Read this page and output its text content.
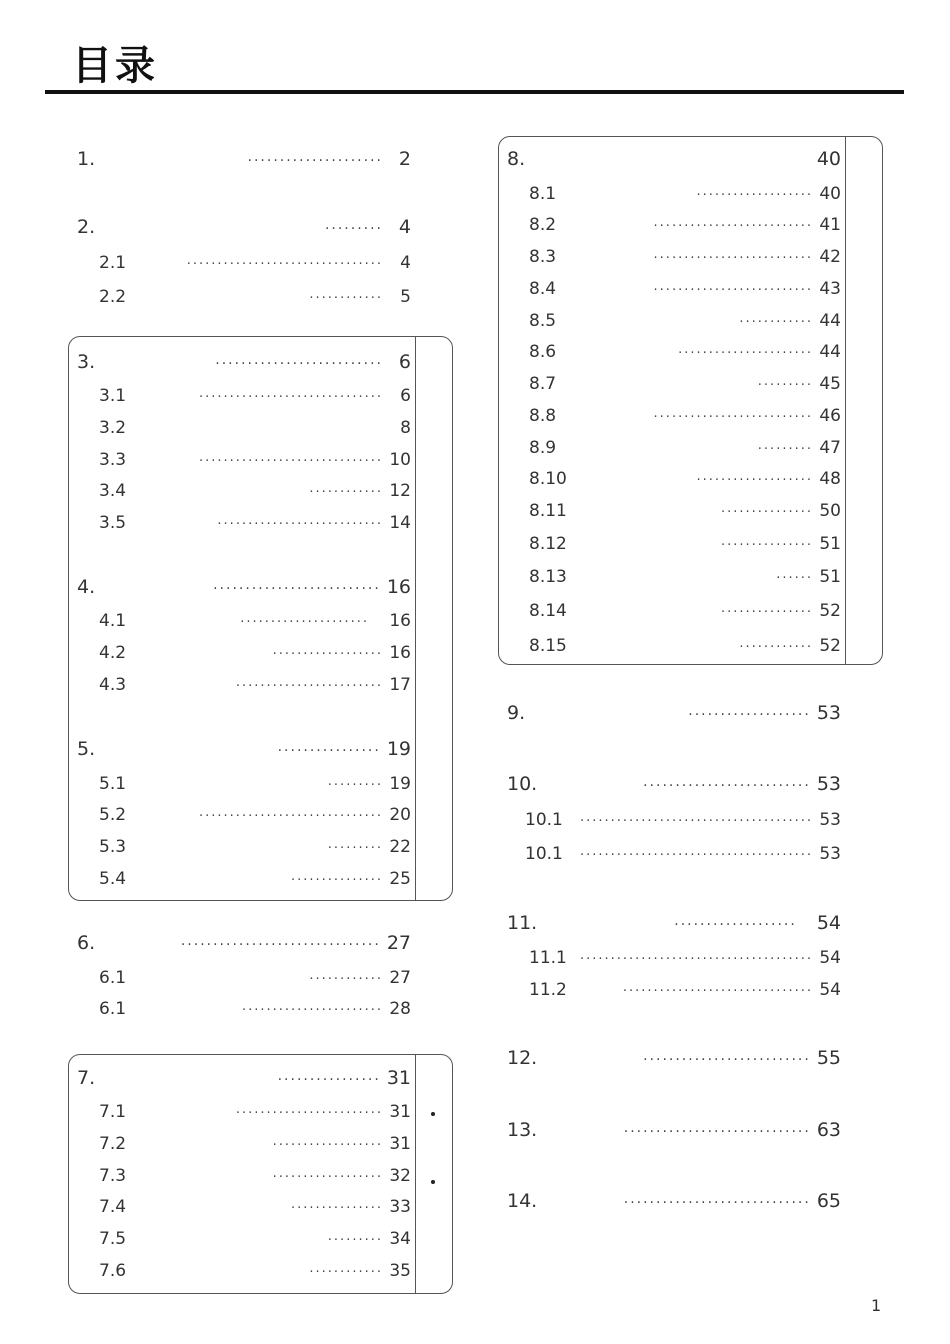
目录
1.	····················· 2
2.	········· 4
2.1	································	4
2.2	············	5
3.	·························· 6
3.1	······························	6
3.2	8
3.3	······························ 10
3.4	············ 12
3.5	··························· 14
4.	·························· 16
4.1	·····················	16
4.2	·················· 16
4.3	························ 17
5.	················ 19
5.1	········· 19
5.2	······························ 20
5.3	········· 22
5.4	··············· 25
6.	······························· 27
6.1	············ 27
6.1	······················· 28
7.	················ 31
7.1	························ 31
7.2	·················· 31
7.3	·················· 32
7.4	··············· 33
7.5	········· 34
7.6	············ 35
8.	40
8.1	··················· 40
8.2	·························· 41
8.3	·························· 42
8.4	·························· 43
8.5	············ 44
8.6	······················ 44
8.7	········· 45
8.8	·························· 46
8.9	········· 47
8.10	··················· 48
8.11	··············· 50
8.12	··············· 51
8.13	······ 51
8.14	··············· 52
8.15	············ 52
9.	··················· 53
10.	·························· 53
10.1 ······································ 53
10.1 ······································ 53
11.	···················	54
11.1 ······································ 54
11.2	······························· 54
12.	·························· 55
13.	····························· 63
14.	····························· 65
1
